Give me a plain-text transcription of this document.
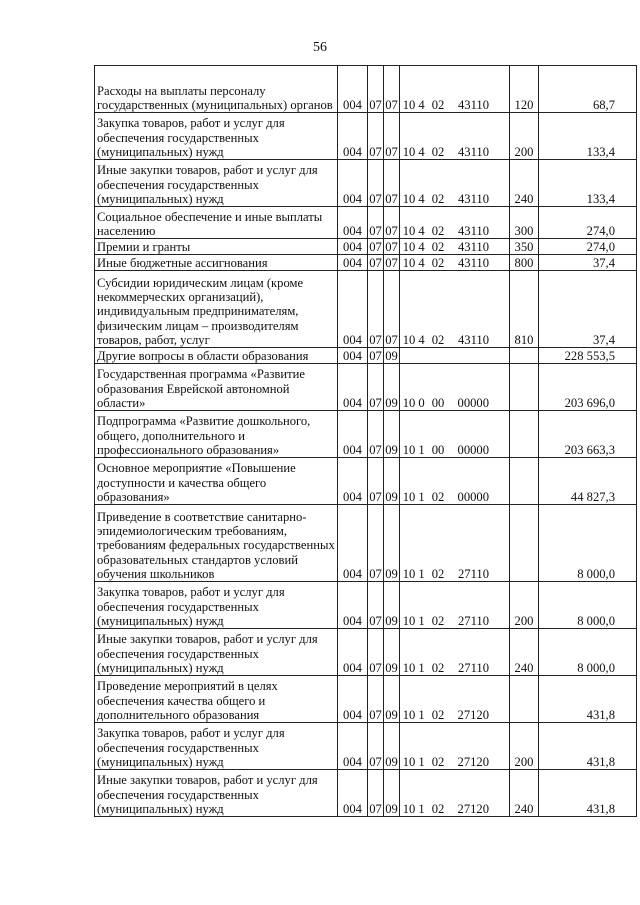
56
Расходы на выплаты персоналу государственных (муниципальных) органов	004	07	07	10 4 02 43110	120	68,7
Закупка товаров, работ и услуг для обеспечения государственных (муниципальных) нужд	004	07	07	10 4 02 43110	200	133,4
Иные закупки товаров, работ и услуг для обеспечения государственных (муниципальных) нужд	004	07	07	10 4 02 43110	240	133,4
Социальное обеспечение и иные выплаты населению	004	07	07	10 4 02 43110	300	274,0
Премии и гранты	004	07	07	10 4 02 43110	350	274,0
Иные бюджетные ассигнования	004	07	07	10 4 02 43110	800	37,4
Субсидии юридическим лицам (кроме некоммерческих организаций), индивидуальным предпринимателям, физическим лицам – производителям товаров, работ, услуг	004	07	07	10 4 02 43110	810	37,4
Другие вопросы в области образования	004	07	09			228 553,5
Государственная программа «Развитие образования Еврейской автономной области»	004	07	09	10 0 00 00000		203 696,0
Подпрограмма «Развитие дошкольного, общего, дополнительного и профессионального образования»	004	07	09	10 1 00 00000		203 663,3
Основное мероприятие «Повышение доступности и качества общего образования»	004	07	09	10 1 02 00000		44 827,3
Приведение в соответствие санитарно-эпидемиологическим требованиям, требованиям федеральных государственных образовательных стандартов условий обучения школьников	004	07	09	10 1 02 27110		8 000,0
Закупка товаров, работ и услуг для обеспечения государственных (муниципальных) нужд	004	07	09	10 1 02 27110	200	8 000,0
Иные закупки товаров, работ и услуг для обеспечения государственных (муниципальных) нужд	004	07	09	10 1 02 27110	240	8 000,0
Проведение мероприятий в целях обеспечения качества общего и дополнительного образования	004	07	09	10 1 02 27120		431,8
Закупка товаров, работ и услуг для обеспечения государственных (муниципальных) нужд	004	07	09	10 1 02 27120	200	431,8
Иные закупки товаров, работ и услуг для обеспечения государственных (муниципальных) нужд	004	07	09	10 1 02 27120	240	431,8
